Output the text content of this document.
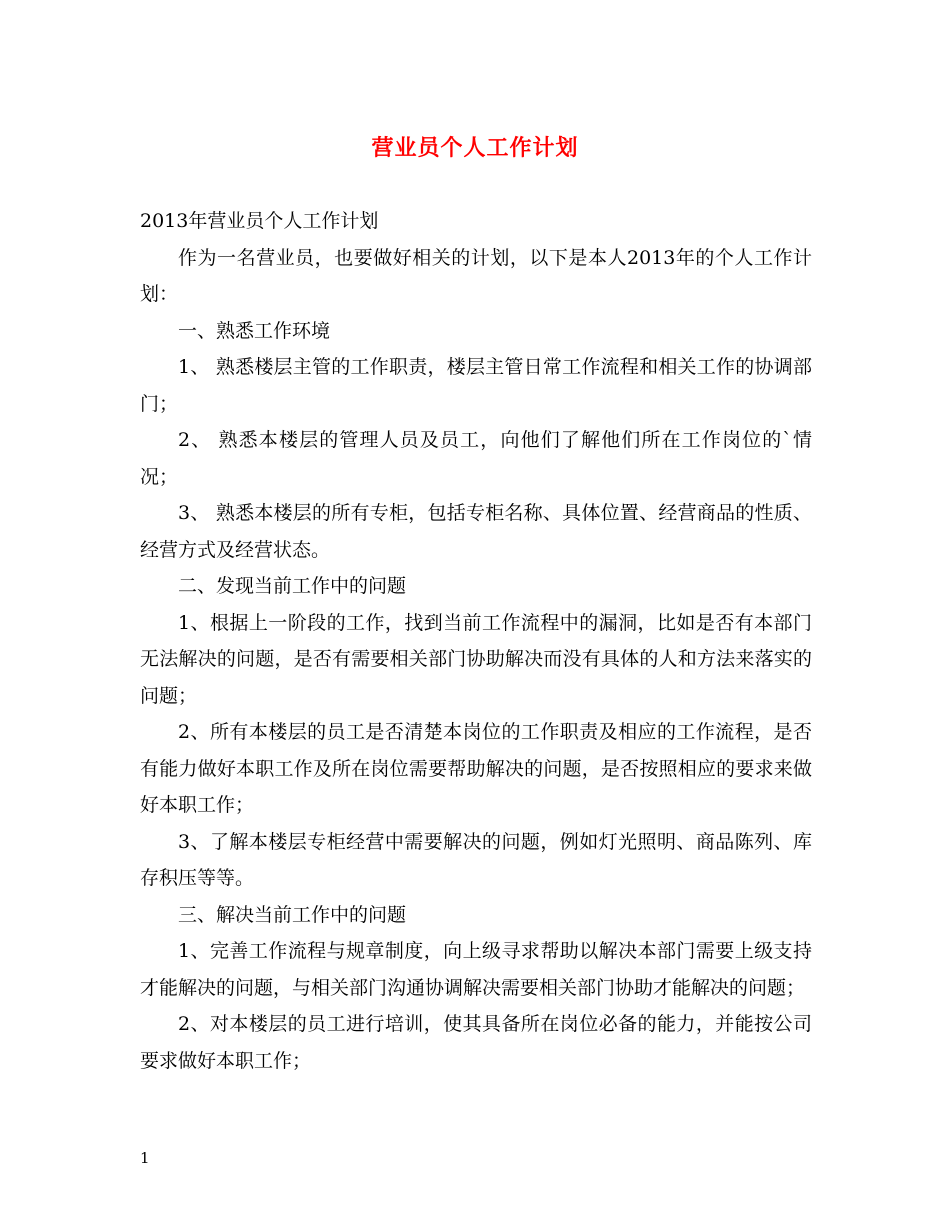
营业员个人工作计划

2013年营业员个人工作计划

作为一名营业员，也要做好相关的计划，以下是本人2013年的个人工作计划：

一、熟悉工作环境

1、 熟悉楼层主管的工作职责，楼层主管日常工作流程和相关工作的协调部门；

2、 熟悉本楼层的管理人员及员工，向他们了解他们所在工作岗位的`情况；

3、 熟悉本楼层的所有专柜，包括专柜名称、具体位置、经营商品的性质、经营方式及经营状态。

二、发现当前工作中的问题

1、根据上一阶段的工作，找到当前工作流程中的漏洞，比如是否有本部门无法解决的问题，是否有需要相关部门协助解决而没有具体的人和方法来落实的问题；

2、所有本楼层的员工是否清楚本岗位的工作职责及相应的工作流程，是否有能力做好本职工作及所在岗位需要帮助解决的问题，是否按照相应的要求来做好本职工作；

3、了解本楼层专柜经营中需要解决的问题，例如灯光照明、商品陈列、库存积压等等。

三、解决当前工作中的问题

1、完善工作流程与规章制度，向上级寻求帮助以解决本部门需要上级支持才能解决的问题，与相关部门沟通协调解决需要相关部门协助才能解决的问题；

2、对本楼层的员工进行培训，使其具备所在岗位必备的能力，并能按公司要求做好本职工作；

1
